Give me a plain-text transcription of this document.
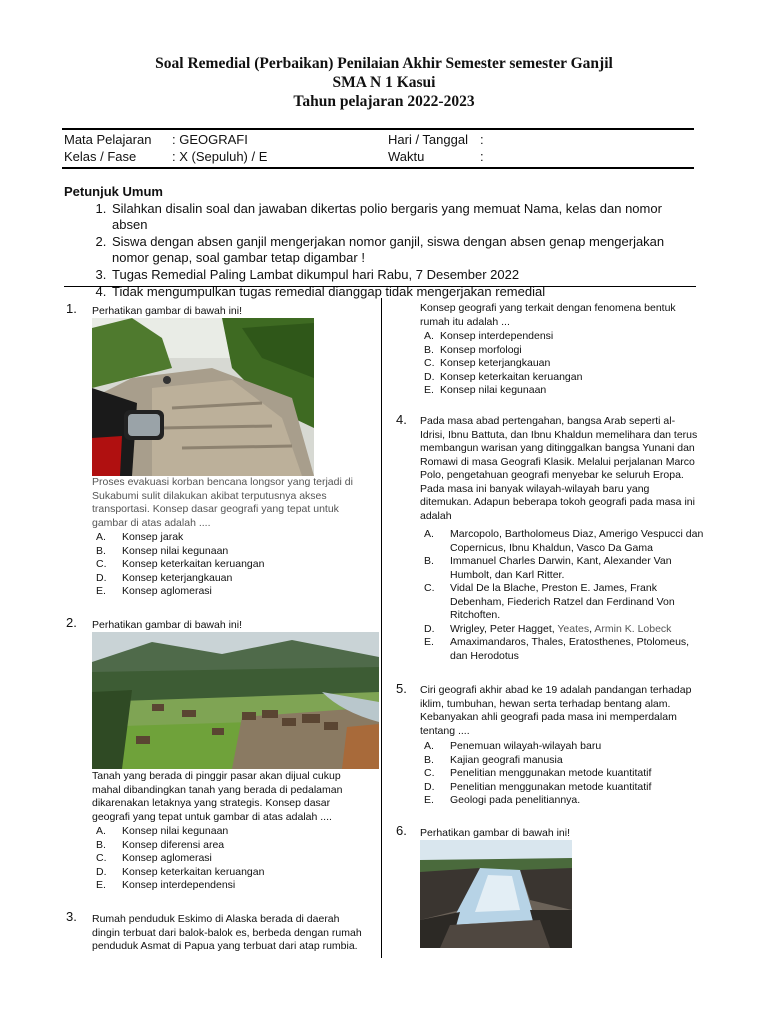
Soal Remedial (Perbaikan) Penilaian Akhir Semester semester Ganjil
SMA N 1 Kasui
Tahun pelajaran 2022-2023
Mata Pelajaran : GEOGRAFI	Hari / Tanggal :
Kelas / Fase	: X (Sepuluh) / E	Waktu	:
Petunjuk Umum
1. Silahkan disalin soal dan jawaban dikertas polio bergaris yang memuat Nama, kelas dan nomor absen
2. Siswa dengan absen ganjil mengerjakan nomor ganjil, siswa dengan absen genap mengerjakan nomor genap, soal gambar tetap digambar !
3. Tugas Remedial Paling Lambat dikumpul hari Rabu, 7 Desember 2022
4. Tidak mengumpulkan tugas remedial dianggap tidak mengerjakan remedial
1. Perhatikan gambar di bawah ini!
Proses evakuasi korban bencana longsor yang terjadi di Sukabumi sulit dilakukan akibat terputusnya akses transportasi. Konsep dasar geografi yang tepat untuk gambar di atas adalah ....
A. Konsep jarak
B. Konsep nilai kegunaan
C. Konsep keterkaitan keruangan
D. Konsep keterjangkauan
E. Konsep aglomerasi
2. Perhatikan gambar di bawah ini!
Tanah yang berada di pinggir pasar akan dijual cukup mahal dibandingkan tanah yang berada di pedalaman dikarenakan letaknya yang strategis. Konsep dasar geografi yang tepat untuk gambar di atas adalah ....
A. Konsep nilai kegunaan
B. Konsep diferensi area
C. Konsep aglomerasi
D. Konsep keterkaitan keruangan
E. Konsep interdependensi
3. Rumah penduduk Eskimo di Alaska berada di daerah dingin terbuat dari balok-balok es, berbeda dengan rumah penduduk Asmat di Papua yang terbuat dari atap rumbia.
Konsep geografi yang terkait dengan fenomena bentuk rumah itu adalah ...
A. Konsep interdependensi
B. Konsep morfologi
C. Konsep keterjangkauan
D. Konsep keterkaitan keruangan
E. Konsep nilai kegunaan
4. Pada masa abad pertengahan, bangsa Arab seperti al-Idrisi, Ibnu Battuta, dan Ibnu Khaldun memelihara dan terus membangun warisan yang ditinggalkan bangsa Yunani dan Romawi di masa Geografi Klasik. Melalui perjalanan Marco Polo, pengetahuan geografi menyebar ke seluruh Eropa. Pada masa ini banyak wilayah-wilayah baru yang ditemukan. Adapun beberapa tokoh geografi pada masa ini adalah
A. Marcopolo, Bartholomeus Diaz, Amerigo Vespucci dan Copernicus, Ibnu Khaldun, Vasco Da Gama
B. Immanuel Charles Darwin, Kant, Alexander Van Humbolt, dan Karl Ritter.
C. Vidal De la Blache, Preston E. James, Frank Debenham, Fiederich Ratzel dan Ferdinand Von Ritchoften.
D. Wrigley, Peter Hagget, Yeates, Armin K. Lobeck
E. Amaximandaros, Thales, Eratosthenes, Ptolomeus, dan Herodotus
5. Ciri geografi akhir abad ke 19 adalah pandangan terhadap iklim, tumbuhan, hewan serta terhadap bentang alam. Kebanyakan ahli geografi pada masa ini memperdalam tentang ....
A. Penemuan wilayah-wilayah baru
B. Kajian geografi manusia
C. Penelitian menggunakan metode kuantitatif
D. Penelitian menggunakan metode kuantitatif
E. Geologi pada penelitiannya.
6. Perhatikan gambar di bawah ini!
